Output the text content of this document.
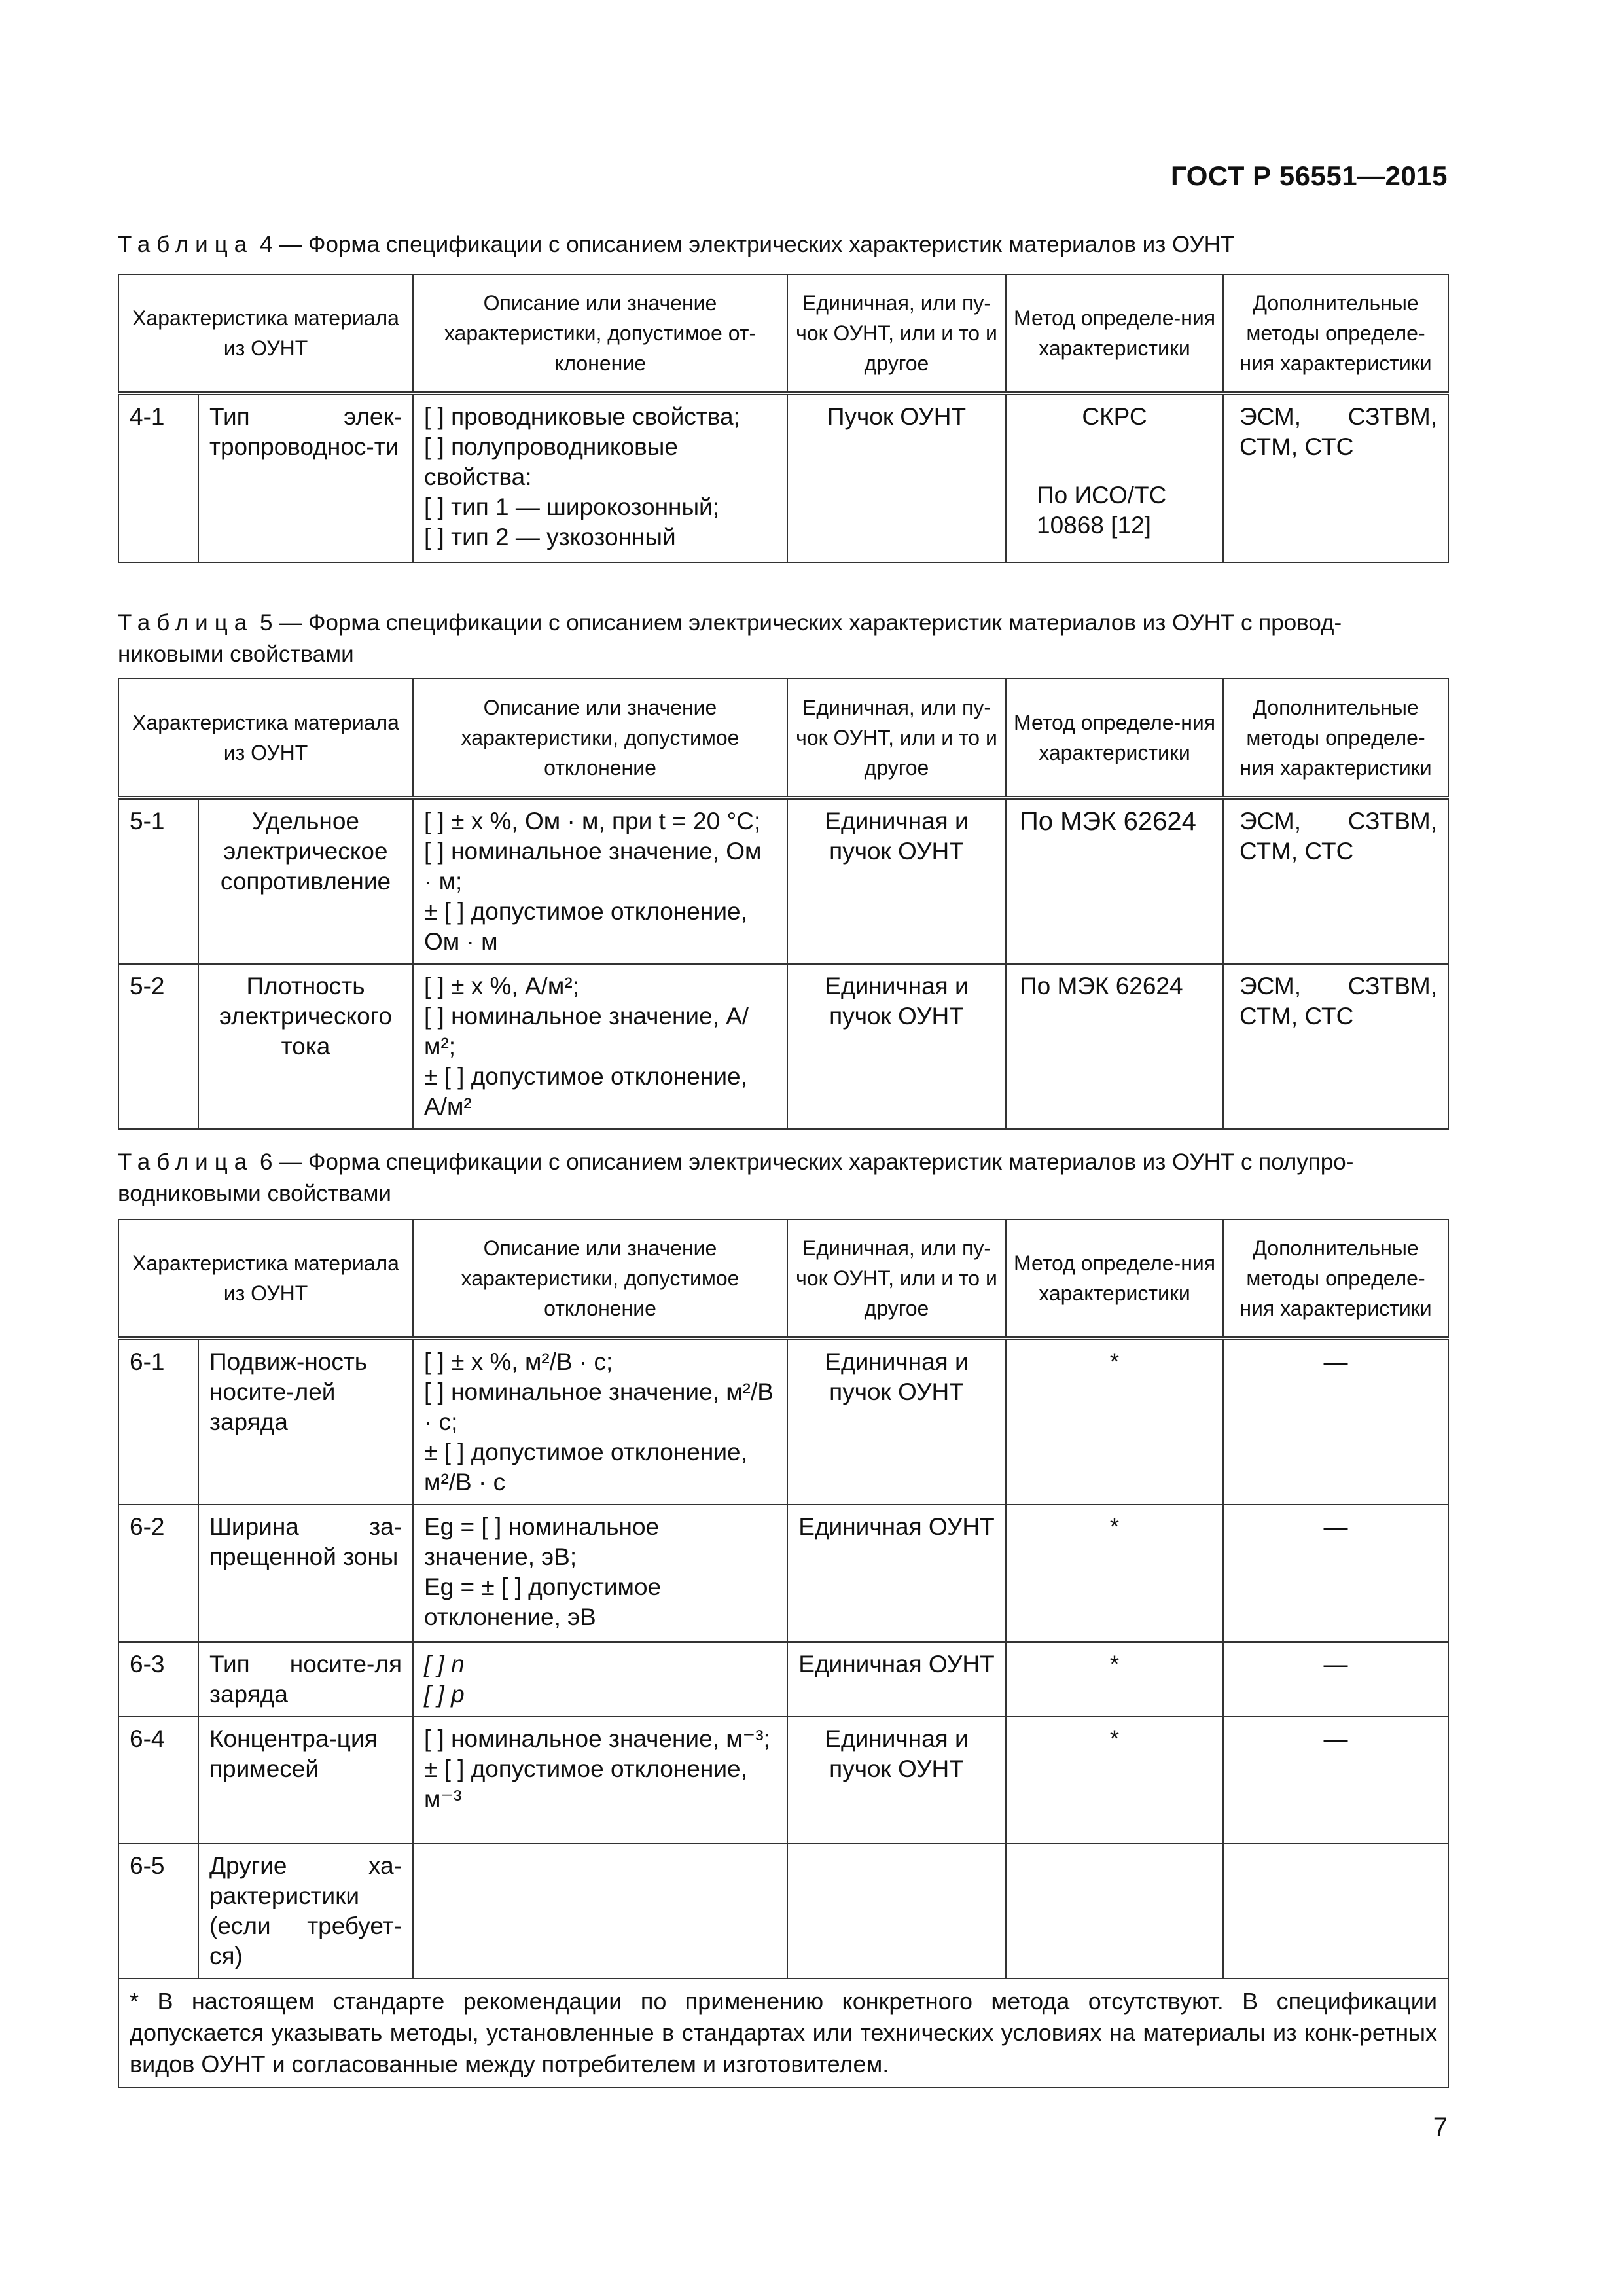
ГОСТ Р 56551—2015
Таблица 4 — Форма спецификации с описанием электрических характеристик материалов из ОУНТ
Характеристика материала из ОУНТ		Описание или значение характеристики, допустимое от-клонение	Единичная, или пу-чок ОУНТ, или и то и другое	Метод определе-ния характеристики	Дополнительные методы определе-ния характеристики
4-1	Тип элек-тропроводнос-ти	[ ] проводниковые свойства;
[ ] полупроводниковые свойства:
[ ] тип 1 — широкозонный;
[ ] тип 2 — узкозонный	Пучок ОУНТ	СКРС
По ИСО/ТС 10868 [12]	ЭСМ, СЗТВМ, СТМ, СТС
Таблица 5 — Форма спецификации с описанием электрических характеристик материалов из ОУНТ с провод-никовыми свойствами
Характеристика материала из ОУНТ		Описание или значение характеристики, допустимое отклонение	Единичная, или пу-чок ОУНТ, или и то и другое	Метод определе-ния характеристики	Дополнительные методы определе-ния характеристики
5-1	Удельное электрическое сопротивление	[ ] ± x %, Ом · м, при t = 20 °С;
[ ] номинальное значение, Ом · м;
± [ ] допустимое отклонение, Ом · м	Единичная и пучок ОУНТ	По МЭК 62624	ЭСМ, СЗТВМ, СТМ, СТС
5-2	Плотность электрического тока	[ ] ± x %, А/м²;
[ ] номинальное значение, А/м²;
± [ ] допустимое отклонение, А/м²	Единичная и пучок ОУНТ	По МЭК 62624	ЭСМ, СЗТВМ, СТМ, СТС
Таблица 6 — Форма спецификации с описанием электрических характеристик материалов из ОУНТ с полупро-водниковыми свойствами
Характеристика материала из ОУНТ		Описание или значение характеристики, допустимое отклонение	Единичная, или пу-чок ОУНТ, или и то и другое	Метод определе-ния характеристики	Дополнительные методы определе-ния характеристики
6-1	Подвиж-ность носите-лей заряда	[ ] ± x %, м²/В · с;
[ ] номинальное значение, м²/В · с;
± [ ] допустимое отклонение, м²/В · с	Единичная и пучок ОУНТ	*	—
6-2	Ширина за-прещенной зоны	Eg = [ ] номинальное значение, эВ;
Eg = ± [ ] допустимое отклонение, эВ	Единичная ОУНТ	*	—
6-3	Тип носите-ля заряда	[ ] n
[ ] p	Единичная ОУНТ	*	—
6-4	Концентра-ция примесей	[ ] номинальное значение, м⁻³;
± [ ] допустимое отклонение, м⁻³	Единичная и пучок ОУНТ	*	—
6-5	Другие ха-рактеристики (если требует-ся)				
* В настоящем стандарте рекомендации по применению конкретного метода отсутствуют. В спецификации допускается указывать методы, установленные в стандартах или технических условиях на материалы из конк-ретных видов ОУНТ и согласованные между потребителем и изготовителем.					
7
